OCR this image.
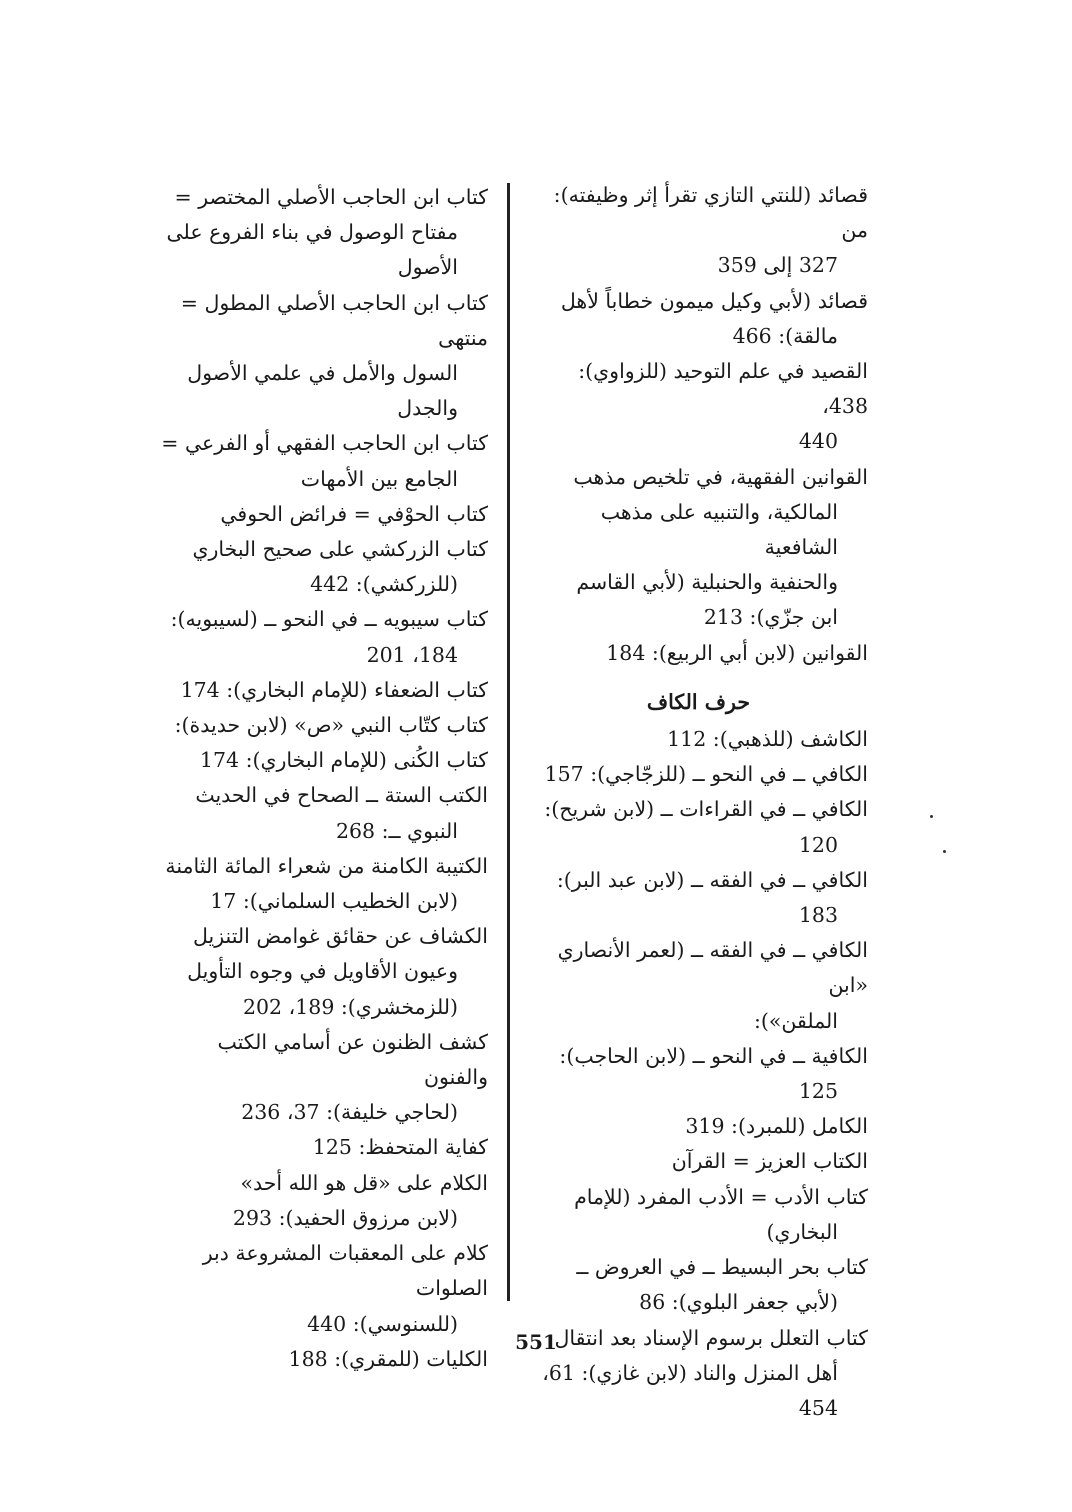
قصائد (للنتي التازي تقرأ إثر وظيفته): من
327 إلى 359
قصائد (لأبي وكيل ميمون خطاباً لأهل
مالقة): 466
القصيد في علم التوحيد (للزواوي): 438،
440
القوانين الفقهية، في تلخيص مذهب
المالكية، والتنبيه على مذهب الشافعية
والحنفية والحنبلية (لأبي القاسم
ابن جزّي): 213
القوانين (لابن أبي الربيع): 184
حرف الكاف
الكاشف (للذهبي): 112
الكافي ــ في النحو ــ (للزجّاجي): 157
الكافي ــ في القراءات ــ (لابن شريح):
120
الكافي ــ في الفقه ــ (لابن عبد البر):
183
الكافي ــ في الفقه ــ (لعمر الأنصاري «ابن
الملقن»):
الكافية ــ في النحو ــ (لابن الحاجب):
125
الكامل (للمبرد): 319
الكتاب العزيز = القرآن
كتاب الأدب = الأدب المفرد (للإمام
البخاري)
كتاب بحر البسيط ــ في العروض ــ
(لأبي جعفر البلوي): 86
كتاب التعلل برسوم الإسناد بعد انتقال
أهل المنزل والناد (لابن غازي): 61،
454
كتاب ابن الحاجب الأصلي المختصر =
مفتاح الوصول في بناء الفروع على
الأصول
كتاب ابن الحاجب الأصلي المطول = منتهى
السول والأمل في علمي الأصول والجدل
كتاب ابن الحاجب الفقهي أو الفرعي =
الجامع بين الأمهات
كتاب الحوْفي = فرائض الحوفي
كتاب الزركشي على صحيح البخاري
(للزركشي): 442
كتاب سيبويه ــ في النحو ــ (لسيبويه):
184، 201
كتاب الضعفاء (للإمام البخاري): 174
كتاب كتّاب النبي «ص» (لابن حديدة):
كتاب الكُنى (للإمام البخاري): 174
الكتب الستة ــ الصحاح في الحديث
النبوي ــ: 268
الكتيبة الكامنة من شعراء المائة الثامنة
(لابن الخطيب السلماني): 17
الكشاف عن حقائق غوامض التنزيل
وعيون الأقاويل في وجوه التأويل
(للزمخشري): 189، 202
كشف الظنون عن أسامي الكتب والفنون
(لحاجي خليفة): 37، 236
كفاية المتحفظ: 125
الكلام على «قل هو الله أحد»
(لابن مرزوق الحفيد): 293
كلام على المعقبات المشروعة دبر الصلوات
(للسنوسي): 440
الكليات (للمقري): 188
551
